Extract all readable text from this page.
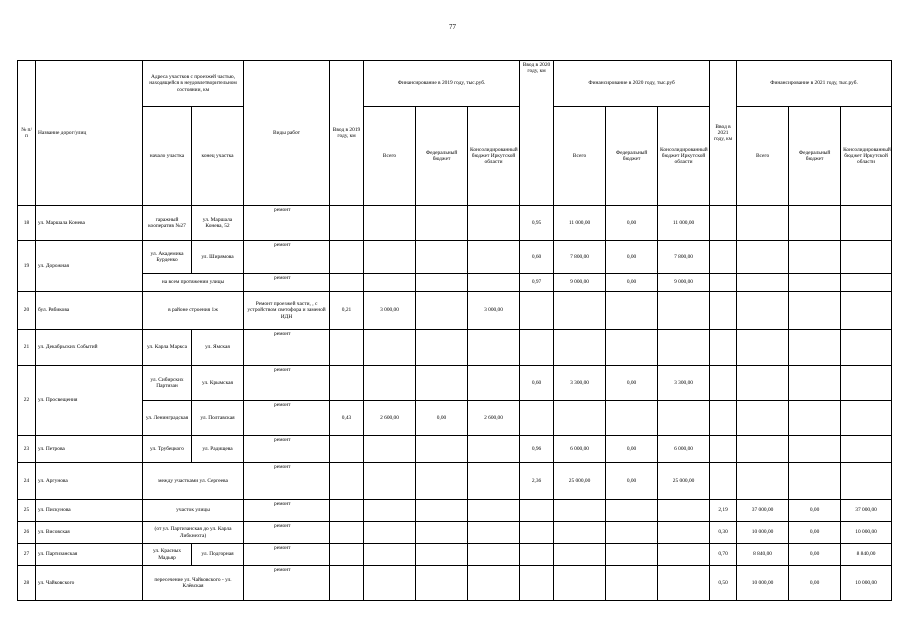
77
№ п/п	Название дорог/улиц	Адреса участков с проезжей частью, находящейся в неудовлетворительном состоянии, км		Виды работ	Ввод в 2019 году, км	Финансирование в 2019 году, тыс.руб.			Ввод в 2020 году, км	Финансирование в 2020 году, тыс.руб			Ввод в 2021 году, км	Финансирование в 2021 году, тыс.руб.		
		начало участка	конец участка			Всего	Федеральный бюджет	Консолидированный бюджет Иркутской области		Всего	Федеральный бюджет	Консолидированный бюджет Иркутской области		Всего	Федеральный бюджет	Консолидированный бюджет Иркутской области
18	ул. Маршала Конева	гаражный кооператив №27	ул. Маршала Конева, 52	ремонт					0,95	11 000,00	0,00	11 000,00				
19	ул. Дорожная	ул. Академика Бурденко	ул. Ширямова	ремонт					0,60	7 800,00	0,00	7 800,00				
		на всем протяжении улицы		ремонт					0,97	9 000,00	0,00	9 000,00				
20	бул. Рябикова	в районе строения 1ж		Ремонт проезжей части, , с устройством светофора и заменой ИДН	0,21	3 000,00		3 000,00								
21	ул. Декабрьских Событий	ул. Карла Маркса	ул. Ямская	ремонт												
22	ул. Просвещения	ул. Сибирских Партизан	ул. Крымская	ремонт					0,60	3 300,00	0,00	3 300,00				
		ул. Ленинградская	ул. Полтавская	ремонт	0,43	2 600,00	0,00	2 600,00								
23	ул. Петрова	ул. Трубецкого	ул. Радищева	ремонт					0,96	6 000,00	0,00	6 000,00				
24	ул. Аргунова	между участками ул. Сергеева		ремонт					2,36	25 000,00	0,00	25 000,00				
25	ул. Пискунова	участок улицы		ремонт									2,19	37 000,00	0,00	37 000,00
26	ул. Висовская	(от ул. Партизанская до ул. Карла Либкнехта)		ремонт									0,30	10 000,00	0,00	10 000,00
27	ул. Партизанская	ул. Красных Мадьяр	ул. Подгорная	ремонт									0,70	8 840,00	0,00	8 840,00
28	ул. Чайковского	пересечение ул. Чайковского - ул. Клёвская		ремонт									0,50	10 000,00	0,00	10 000,00
